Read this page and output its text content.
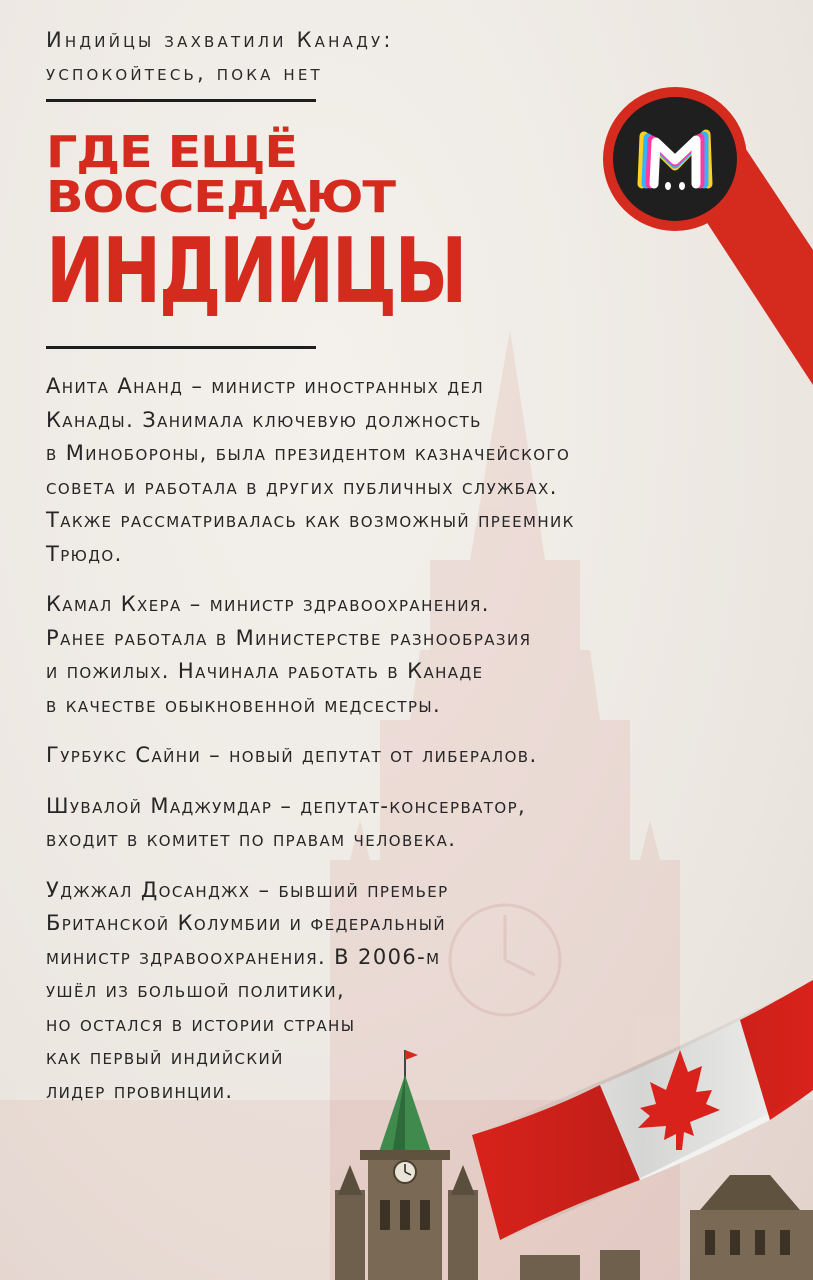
Индийцы захватили Канаду:
успокойтесь, пока нет

ГДЕ ЕЩЁ
ВОССЕДАЮТ
ИНДИЙЦЫ

Анита Ананд – министр иностранных дел
Канады. Занимала ключевую должность
в Минобороны, была президентом казначейского
совета и работала в других публичных службах.
Также рассматривалась как возможный преемник
Трюдо.

Камал Кхера – министр здравоохранения.
Ранее работала в Министерстве разнообразия
и пожилых. Начинала работать в Канаде
в качестве обыкновенной медсестры.

Гурбукс Сайни – новый депутат от либералов.

Шувалой Маджумдар – депутат-консерватор,
входит в комитет по правам человека.

Уджжал Досанджх – бывший премьер
Британской Колумбии и федеральный
министр здравоохранения. В 2006-м
ушёл из большой политики,
но остался в истории страны
как первый индийский
лидер провинции.
